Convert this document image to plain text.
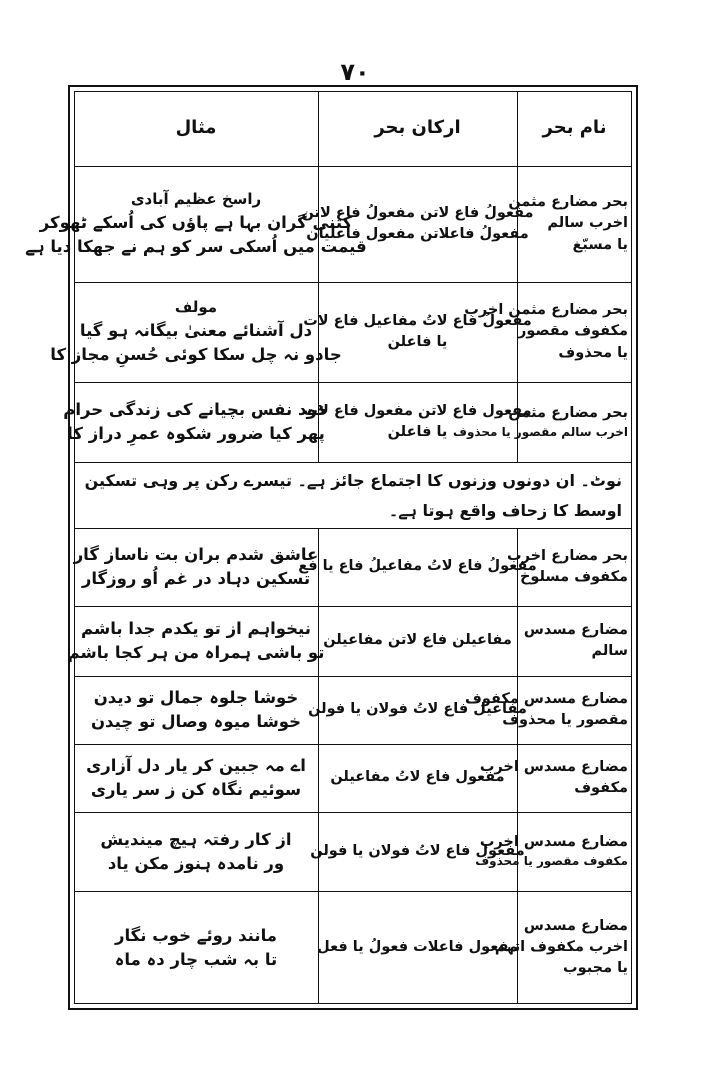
۷۰
نام بحر
ارکان بحر
مثال
بحر مضارع مثمن
اخرب سالم
یا مسبّغ
مفعولُ فاع لاتن مفعولُ فاع لاتن
مفعولُ فاعلاتن مفعول فاعلیان
راسخ عظیم آبادی
کتنی گران بہا ہے پاؤں کی اُسکے ٹھوکر
قیمت میں اُسکی سر کو ہم نے جھکا دیا ہے
بحر مضارع مثمن اخرب
مکفوف مقصور
یا محذوف
مفعولُ فاع لاتُ مفاعیل فاع لات
یا فاعلن
مولف
دل آشنائے معنیٰ بیگانہ ہو گیا
جادو نہ چل سکا کوئی حُسنِ مجاز کا
بحر مضارع مثمن
اخرب سالم مقصور یا محذوف
مفعول فاع لاتن مفعول فاع لات
یا فاعلن
خود نفس بچیانے کی زندگی حرام
پھر کیا ضرور شکوہ عمرِ دراز کا
نوٹ۔ ان دونوں وزنوں کا اجتماع جائز ہے۔ تیسرے رکن پر وہی تسکین اوسط کا زحاف واقع ہوتا ہے۔
بحر مضارع اخرب
مکفوف مسلوخ
مفعولُ فاع لاتُ مفاعیلُ فاع یا فع
عاشق شدم بران بت ناساز گار
تسکین دہاد در غم اُو روزگار
مضارع مسدس
سالم
مفاعیلن فاع لاتن مفاعیلن
نیخواہم از تو یکدم جدا باشم
تو باشی ہمراہ من ہر کجا باشم
مضارع مسدس مکفوف
مقصور یا محذوف
مفاعیل فاع لاتُ فولان یا فولن
خوشا جلوہ جمال تو دیدن
خوشا میوہ وصال تو چیدن
مضارع مسدس اخرب
مکفوف
مفعول فاع لاتُ مفاعیلن
اے مہ جبین کر یار دل آزاری
سوئیم نگاہ کن ز سر یاری
مضارع مسدس اخرب
مکفوف مقصور یا محذوف
مفعول فاع لاتُ فولان یا فولن
از کار رفتہ ہیچ میندیش
ور نامدہ ہنوز مکن یاد
مضارع مسدس
اخرب مکفوف اتہم
یا مجبوب
مفعول فاعلات فعولُ یا فعل
مانند روئے خوب نگار
تا بہ شب چار دہ ماہ
